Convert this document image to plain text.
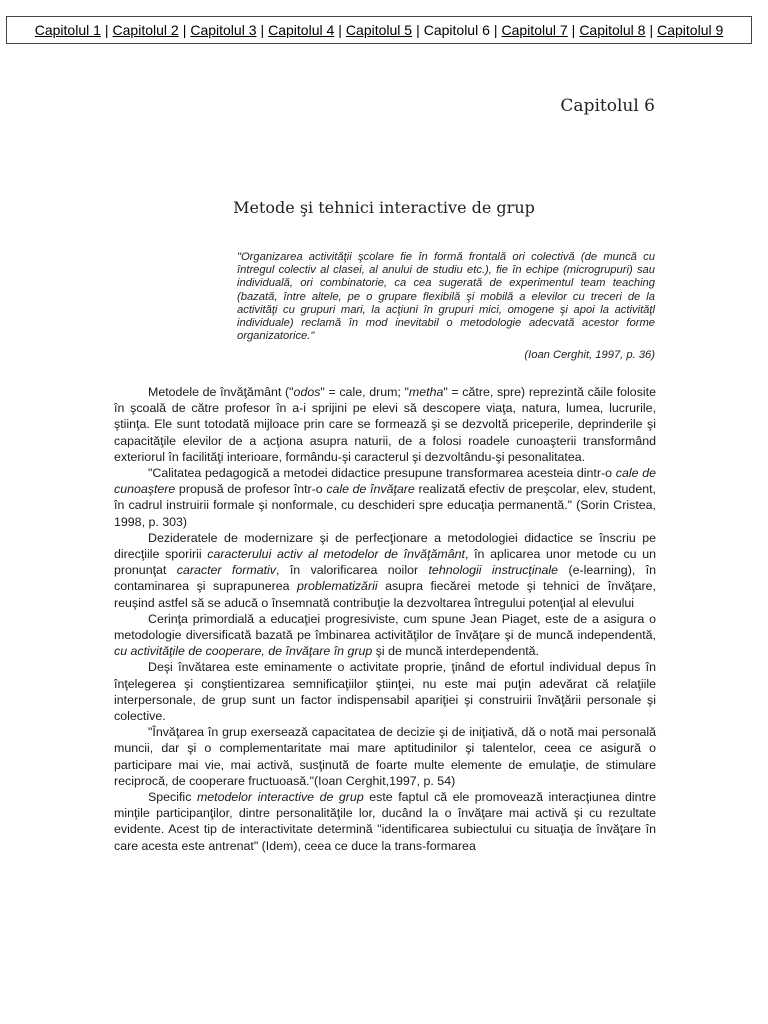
Capitolul 1 | Capitolul 2 | Capitolul 3 | Capitolul 4 | Capitolul 5 | Capitolul 6 | Capitolul 7 | Capitolul 8 | Capitolul 9
Capitolul 6
Metode şi tehnici interactive de grup
"Organizarea activităţii şcolare fie în formă frontală ori colectivă (de muncă cu întregul colectiv al clasei, al anului de studiu etc.), fie în echipe (microgrupuri) sau individuală, ori combinatorie, ca cea sugerată de experimentul team teaching (bazată, între altele, pe o grupare flexibilă şi mobilă a elevilor cu treceri de la activităţi cu grupuri mari, la acţiuni în grupuri mici, omogene şi apoi la activităţl individuale) reclamă în mod inevitabil o metodologie adecvată acestor forme organizatorice."
(Ioan Cerghit, 1997, p. 36)

Metodele de învăţământ ("odos" = cale, drum; "metha" = către, spre) reprezintă căile folosite în şcoală de către profesor în a-i sprijini pe elevi să descopere viaţa, natura, lumea, lucrurile, ştiinţa. Ele sunt totodată mijloace prin care se formează şi se dezvoltă priceperile, deprinderile şi capacităţile elevilor de a acţiona asupra naturii, de a folosi roadele cunoaşterii transformând exteriorul în facilităţi interioare, formându-şi caracterul şi dezvoltându-şi pesonalitatea.

"Calitatea pedagogică a metodei didactice presupune transformarea acesteia dintr-o cale de cunoaştere propusă de profesor într-o cale de învăţare realizată efectiv de preşcolar, elev, student, în cadrul instruirii formale şi nonformale, cu deschideri spre educaţia permanentă." (Sorin Cristea, 1998, p. 303)

Dezideratele de modernizare şi de perfecţionare a metodologiei didactice se înscriu pe direcţiile sporirii caracterului activ al metodelor de învăţământ, în aplicarea unor metode cu un pronunţat caracter formativ, în valorificarea noilor tehnologii instrucţinale (e-learning), în contaminarea şi suprapunerea problematizării asupra fiecărei metode şi tehnici de învăţare, reuşind astfel să se aducă o însemnată contribuţie la dezvoltarea întregului potenţial al elevului

Cerinţa primordială a educaţiei progresiviste, cum spune Jean Piaget, este de a asigura o metodologie diversificată bazată pe îmbinarea activităţilor de învăţare şi de muncă independentă, cu activităţile de cooperare, de învăţare în grup şi de muncă interdependentă.

Deşi învătarea este eminamente o activitate proprie, ţinând de efortul individual depus în înţelegerea şi conştientizarea semnificaţiilor ştiinţei, nu este mai puţin adevărat că relaţiile interpersonale, de grup sunt un factor indispensabil apariţiei şi construirii învăţării personale şi colective.

"Învăţarea în grup exersează capacitatea de decizie şi de iniţiativă, dă o notă mai personală muncii, dar şi o complementaritate mai mare aptitudinilor şi talentelor, ceea ce asigură o participare mai vie, mai activă, susţinută de foarte multe elemente de emulaţie, de stimulare reciprocă, de cooperare fructuoasă."(Ioan Cerghit,1997, p. 54)

Specific metodelor interactive de grup este faptul că ele promovează interacţiunea dintre minţile participanţilor, dintre personalităţile lor, ducând la o învăţare mai activă şi cu rezultate evidente. Acest tip de interactivitate determină "identificarea subiectului cu situaţia de învăţare în care acesta este antrenat" (Idem), ceea ce duce la trans-formarea
